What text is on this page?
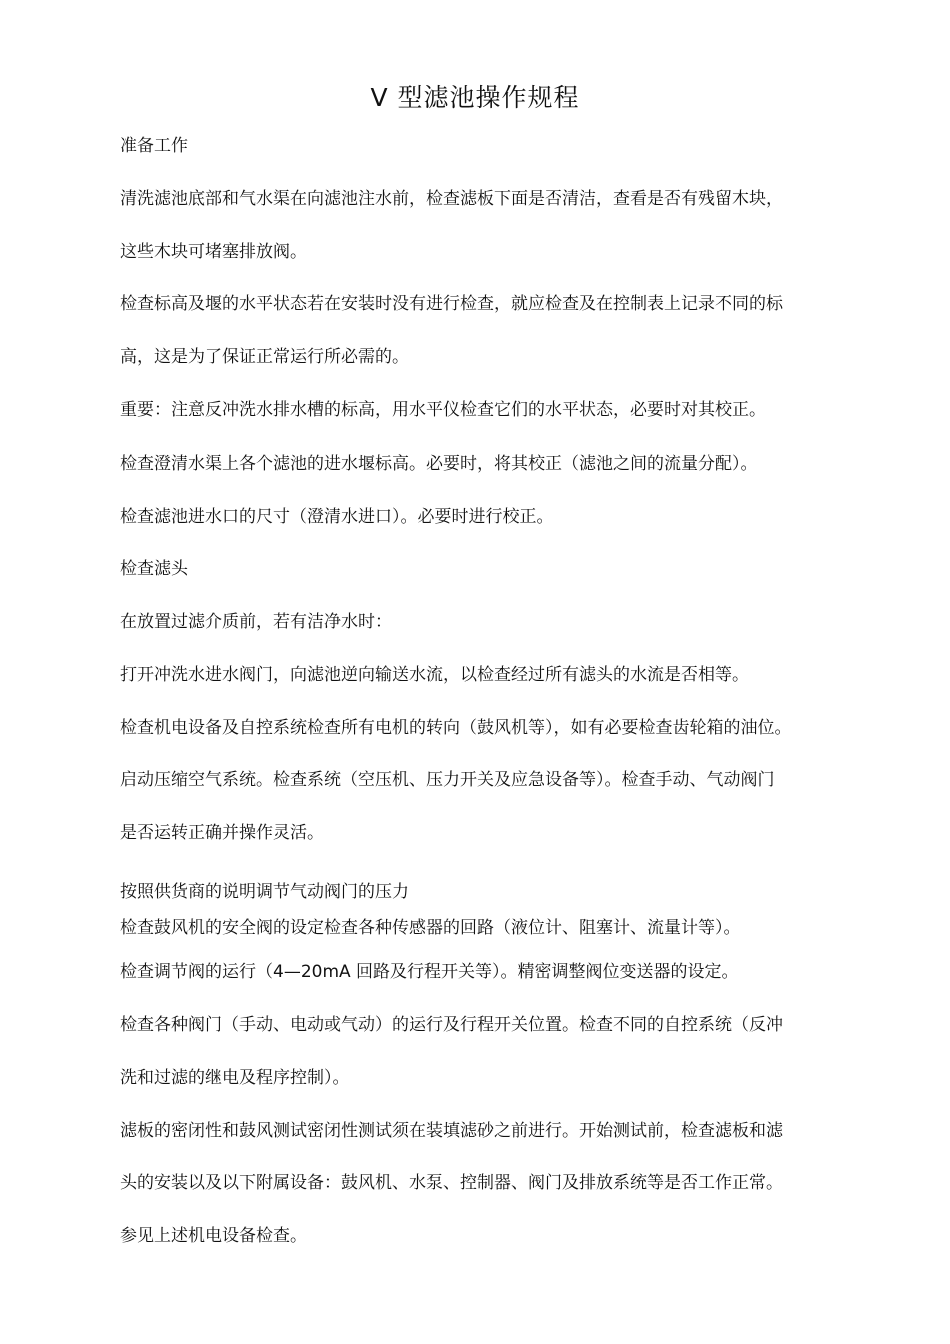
V 型滤池操作规程

准备工作

清洗滤池底部和气水渠在向滤池注水前，检查滤板下面是否清洁，查看是否有残留木块，

这些木块可堵塞排放阀。

检查标高及堰的水平状态若在安装时没有进行检查，就应检查及在控制表上记录不同的标

高，这是为了保证正常运行所必需的。

重要：注意反冲洗水排水槽的标高，用水平仪检查它们的水平状态，必要时对其校正。

检查澄清水渠上各个滤池的进水堰标高。必要时，将其校正（滤池之间的流量分配）。

检查滤池进水口的尺寸（澄清水进口）。必要时进行校正。

检查滤头

在放置过滤介质前，若有洁净水时：

打开冲洗水进水阀门，向滤池逆向输送水流，以检查经过所有滤头的水流是否相等。

检查机电设备及自控系统检查所有电机的转向（鼓风机等），如有必要检查齿轮箱的油位。

启动压缩空气系统。检查系统（空压机、压力开关及应急设备等）。检查手动、气动阀门

是否运转正确并操作灵活。

按照供货商的说明调节气动阀门的压力

检查鼓风机的安全阀的设定检查各种传感器的回路（液位计、阻塞计、流量计等）。

检查调节阀的运行（4—20mA 回路及行程开关等）。精密调整阀位变送器的设定。

检查各种阀门（手动、电动或气动）的运行及行程开关位置。检查不同的自控系统（反冲

洗和过滤的继电及程序控制）。

滤板的密闭性和鼓风测试密闭性测试须在装填滤砂之前进行。开始测试前，检查滤板和滤

头的安装以及以下附属设备：鼓风机、水泵、控制器、阀门及排放系统等是否工作正常。

参见上述机电设备检查。
